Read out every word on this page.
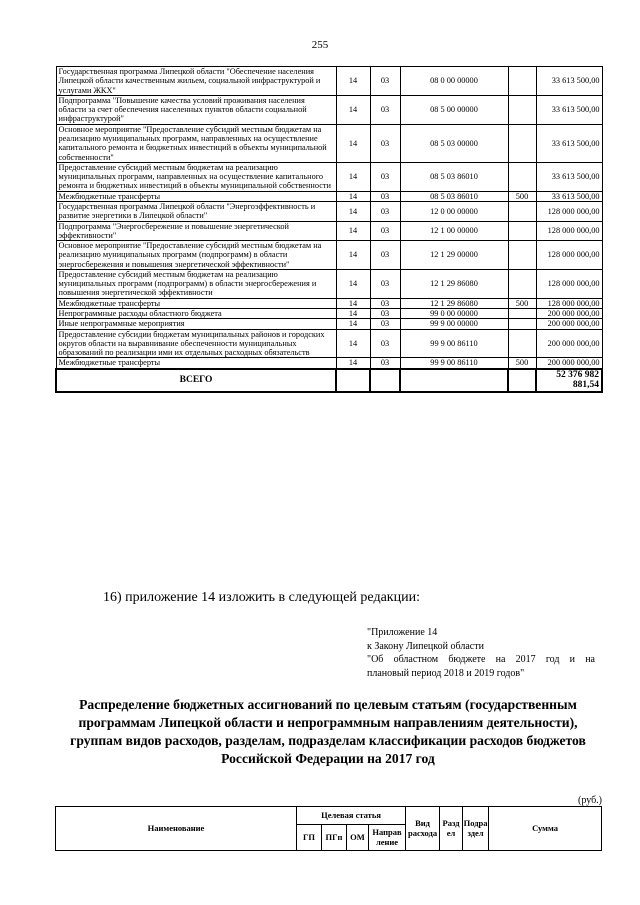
255
Государственная программа Липецкой области "Обеспечение населения Липецкой области качественным жильем, социальной инфраструктурой и услугами ЖКХ"	14	03	08 0 00 00000		33 613 500,00
Подпрограмма "Повышение качества условий проживания населения области за счет обеспечения населенных пунктов области социальной инфраструктурой"	14	03	08 5 00 00000		33 613 500,00
Основное мероприятие "Предоставление субсидий местным бюджетам на реализацию муниципальных программ, направленных на осуществление капитального ремонта и бюджетных инвестиций в объекты муниципальной собственности"	14	03	08 5 03 00000		33 613 500,00
Предоставление субсидий местным бюджетам на реализацию муниципальных программ, направленных на осуществление капитального ремонта и бюджетных инвестиций в объекты муниципальной собственности	14	03	08 5 03 86010		33 613 500,00
Межбюджетные трансферты	14	03	08 5 03 86010	500	33 613 500,00
Государственная программа Липецкой области "Энергоэффективность и развитие энергетики в Липецкой области"	14	03	12 0 00 00000		128 000 000,00
Подпрограмма "Энергосбережение и повышение энергетической эффективности"	14	03	12 1 00 00000		128 000 000,00
Основное мероприятие "Предоставление субсидий местным бюджетам на реализацию муниципальных программ (подпрограмм) в области энергосбережения и повышения энергетической эффективности"	14	03	12 1 29 00000		128 000 000,00
Предоставление субсидий местным бюджетам на реализацию муниципальных программ (подпрограмм) в области энергосбережения и повышения энергетической эффективности	14	03	12 1 29 86080		128 000 000,00
Межбюджетные трансферты	14	03	12 1 29 86080	500	128 000 000,00
Непрограммные расходы областного бюджета	14	03	99 0 00 00000		200 000 000,00
Иные непрограммные мероприятия	14	03	99 9 00 00000		200 000 000,00
Предоставление субсидии бюджетам муниципальных районов и городских округов области на выравнивание обеспеченности муниципальных образований по реализации ими их отдельных расходных обязательств	14	03	99 9 00 86110		200 000 000,00
Межбюджетные трансферты	14	03	99 9 00 86110	500	200 000 000,00
ВСЕГО					52 376 982 881,54
16) приложение 14 изложить в следующей редакции:
"Приложение 14
к Закону Липецкой области
"Об областном бюджете на 2017 год и на
плановый период 2018 и 2019 годов"
Распределение бюджетных ассигнований по целевым статьям (государственным программам Липецкой области и непрограммным направлениям деятельности), группам видов расходов, разделам, подразделам классификации расходов бюджетов Российской Федерации на 2017 год
(руб.)
Наименование	Целевая статья				Вид расхода	Разд ел	Подра здел	Сумма
	ГП	ПГп	ОМ	Направ ление				
